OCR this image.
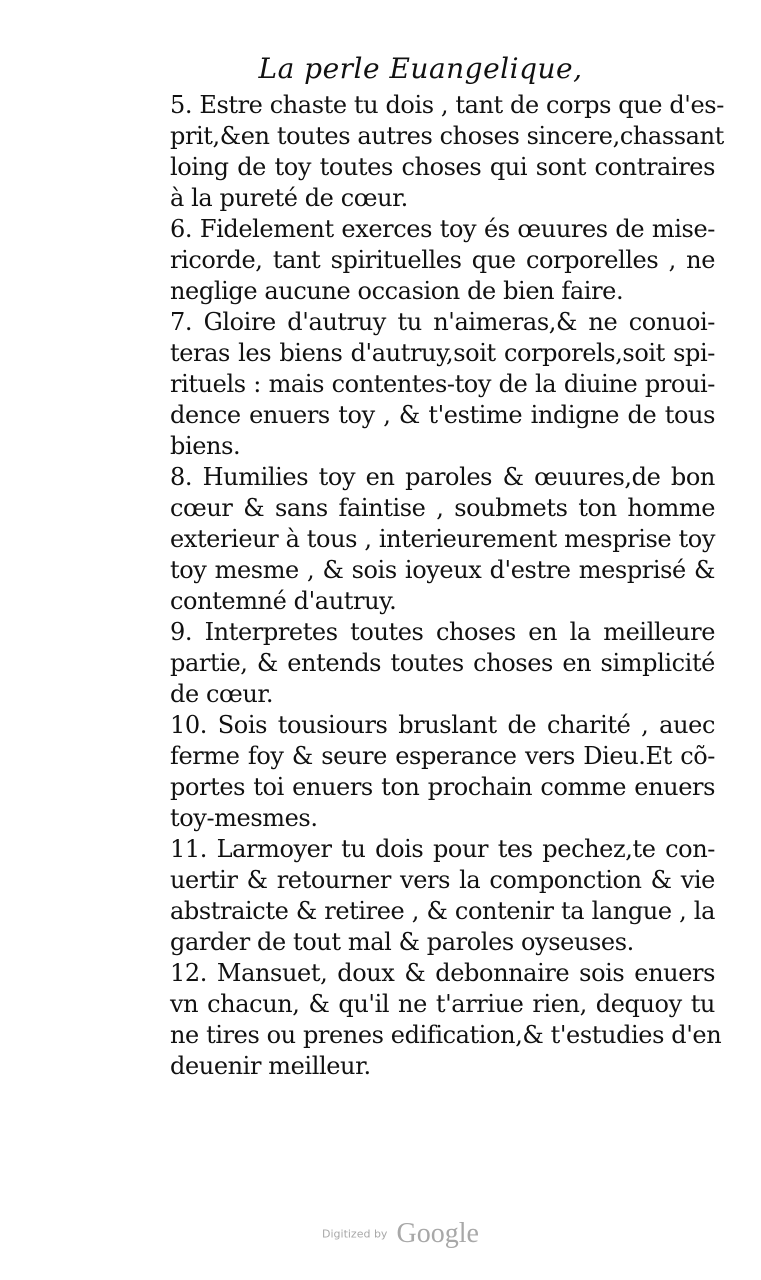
La perle Euangelique,
5. Estre chaste tu dois , tant de corps que d'es-
prit,&en toutes autres choses sincere,chassant
loing de toy toutes choses qui sont contraires
à la pureté de cœur.
6. Fidelement exerces toy és œuures de mise-
ricorde, tant spirituelles que corporelles , ne
neglige aucune occasion de bien faire.
7. Gloire d'autruy tu n'aimeras,& ne conuoi-
teras les biens d'autruy,soit corporels,soit spi-
rituels : mais contentes-toy de la diuine proui-
dence enuers toy , & t'estime indigne de tous
biens.
8. Humilies toy en paroles & œuures,de bon
cœur & sans faintise , soubmets ton homme
exterieur à tous , interieurement mesprise toy
toy mesme , & sois ioyeux d'estre mesprisé &
contemné d'autruy.
9. Interpretes toutes choses en la meilleure
partie, & entends toutes choses en simplicité
de cœur.
10. Sois tousiours bruslant de charité , auec
ferme foy & seure esperance vers Dieu.Et cõ-
portes toi enuers ton prochain comme enuers
toy-mesmes.
11. Larmoyer tu dois pour tes pechez,te con-
uertir & retourner vers la componction & vie
abstraicte & retiree , & contenir ta langue , la
garder de tout mal & paroles oyseuses.
12. Mansuet, doux & debonnaire sois enuers
vn chacun, & qu'il ne t'arriue rien, dequoy tu
ne tires ou prenes edification,& t'estudies d'en
deuenir meilleur.
Digitized by Google
